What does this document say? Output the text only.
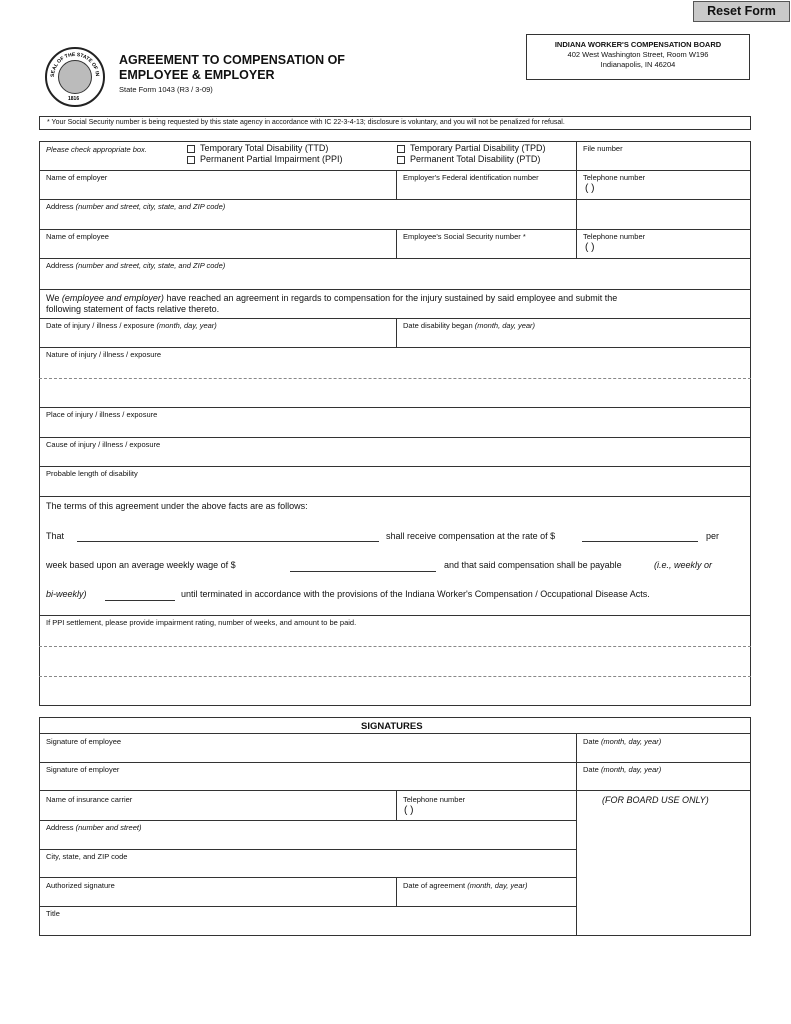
Reset Form
SEAL OF THE STATE OF IN
1816
AGREEMENT TO COMPENSATION OF
EMPLOYEE & EMPLOYER
State Form 1043 (R3 / 3-09)
INDIANA WORKER'S COMPENSATION BOARD
402 West Washington Street, Room W196
Indianapolis, IN 46204
* Your Social Security number is being requested by this state agency in accordance with IC 22-3-4-13; disclosure is voluntary, and you will not be penalized for refusal.
Please check appropriate box.	Temporary Total Disability (TTD)
Permanent Partial Impairment (PPI)
Temporary Partial Disability (TPD)
Permanent Total Disability (PTD)
File number
Name of employer	Employer's Federal identification number	Telephone number
( )
Address (number and street, city, state, and ZIP code)
Name of employee	Employee's Social Security number *	Telephone number
( )
Address (number and street, city, state, and ZIP code)
We (employee and employer) have reached an agreement in regards to compensation for the injury sustained by said employee and submit the
following statement of facts relative thereto.
Date of injury / illness / exposure (month, day, year)	Date disability began (month, day, year)
Nature of injury / illness / exposure
Place of injury / illness / exposure
Cause of injury / illness / exposure
Probable length of disability
The terms of this agreement under the above facts are as follows:
That	shall receive compensation at the rate of $	per
week based upon an average weekly wage of $	and that said compensation shall be payable	(i.e., weekly or
bi-weekly)	until terminated in accordance with the provisions of the Indiana Worker's Compensation / Occupational Disease Acts.
If PPI settlement, please provide impairment rating, number of weeks, and amount to be paid.
SIGNATURES
Signature of employee	Date (month, day, year)
Signature of employer	Date (month, day, year)
Name of insurance carrier	Telephone number
( )
(FOR BOARD USE ONLY)
Address (number and street)
City, state, and ZIP code
Authorized signature	Date of agreement (month, day, year)
Title
